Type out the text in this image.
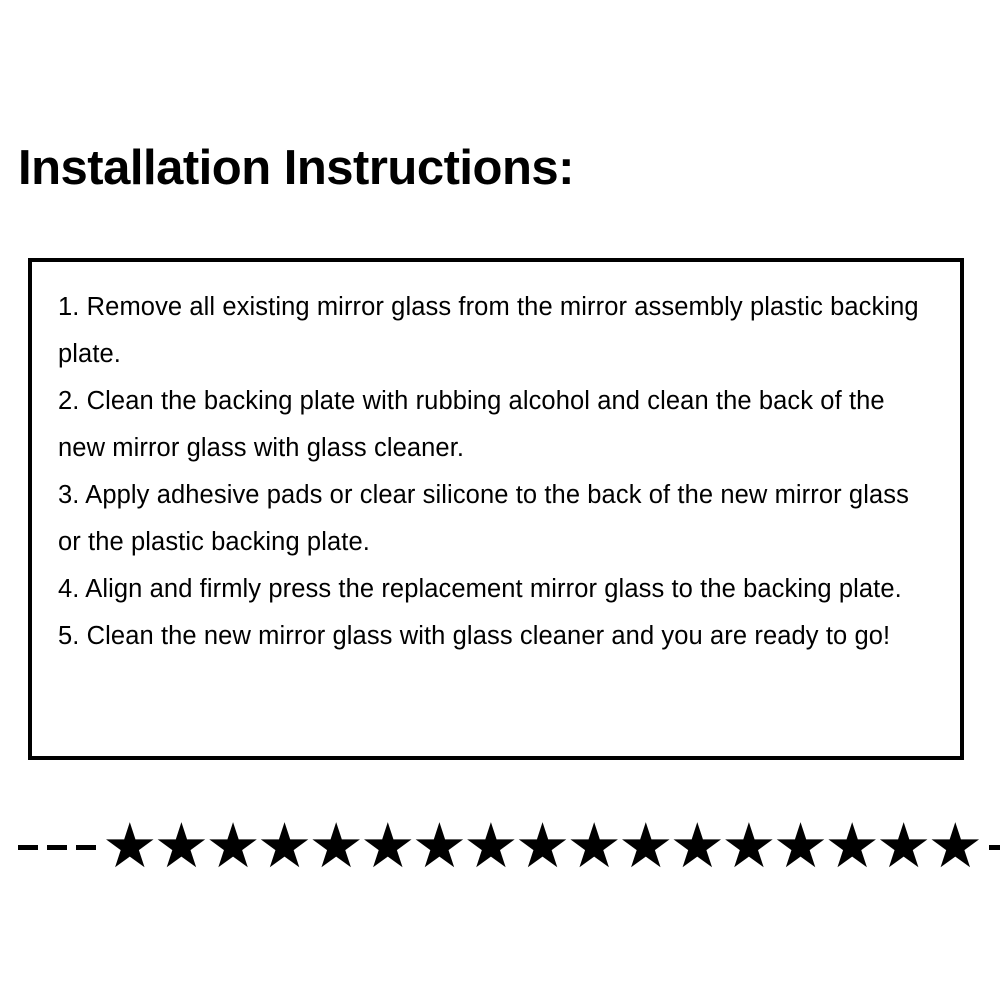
Installation Instructions:

1. Remove all existing mirror glass from the mirror assembly plastic backing plate.

2. Clean the backing plate with rubbing alcohol and clean the back of the new mirror glass with glass cleaner.

3. Apply adhesive pads or clear silicone to the back of the new mirror glass or the plastic backing plate.

4. Align and firmly press the replacement mirror glass to the backing plate.

5. Clean the new mirror glass with glass cleaner and you are ready to go!

★
★
★
★
★
★
★
★
★
★
★
★
★
★
★
★
★
